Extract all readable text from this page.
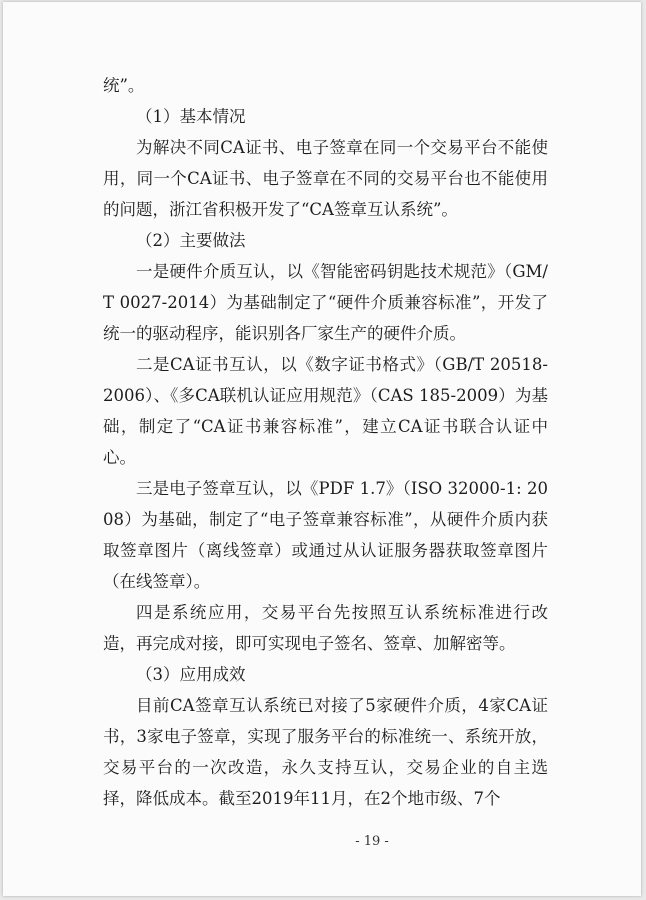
统”。

（1）基本情况

为解决不同CA证书、电子签章在同一个交易平台不能使用，同一个CA证书、电子签章在不同的交易平台也不能使用的问题，浙江省积极开发了“CA签章互认系统”。

（2）主要做法

一是硬件介质互认，以《智能密码钥匙技术规范》（GM/T 0027-2014）为基础制定了“硬件介质兼容标准”，开发了统一的驱动程序，能识别各厂家生产的硬件介质。

二是CA证书互认，以《数字证书格式》（GB/T 20518-2006）、《多CA联机认证应用规范》（CAS 185-2009）为基础，制定了“CA证书兼容标准”，建立CA证书联合认证中心。

三是电子签章互认，以《PDF 1.7》（ISO 32000-1: 2008）为基础，制定了“电子签章兼容标准”，从硬件介质内获取签章图片（离线签章）或通过从认证服务器获取签章图片（在线签章）。

四是系统应用，交易平台先按照互认系统标准进行改造，再完成对接，即可实现电子签名、签章、加解密等。

（3）应用成效

目前CA签章互认系统已对接了5家硬件介质，4家CA证书，3家电子签章，实现了服务平台的标准统一、系统开放，交易平台的一次改造，永久支持互认，交易企业的自主选择，降低成本。截至2019年11月，在2个地市级、7个

- 19 -
